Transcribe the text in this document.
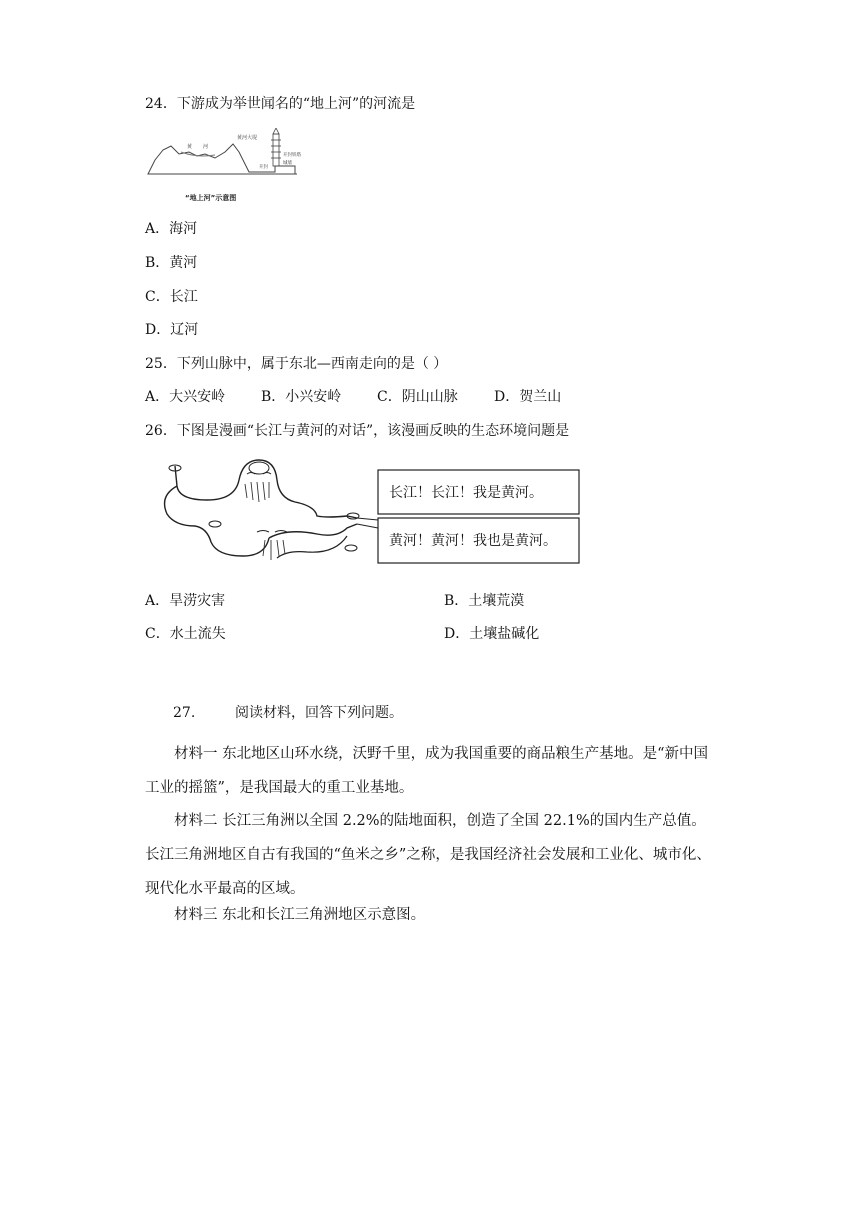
24．下游成为举世闻名的“地上河”的河流是
黄 河
黄河大堤
开封铁塔
开封
城墙
“地上河”示意图
A．海河
B．黄河
C．长江
D．辽河
25．下列山脉中，属于东北—西南走向的是（ ）
A．大兴安岭	B．小兴安岭	C．阴山山脉	D．贺兰山
26．下图是漫画“长江与黄河的对话”，该漫画反映的生态环境问题是
长江！长江！我是黄河。
黄河！黄河！我也是黄河。
A．旱涝灾害	B．土壤荒漠
C．水土流失	D．土壤盐碱化
27.	阅读材料，回答下列问题。
材料一 东北地区山环水绕，沃野千里，成为我国重要的商品粮生产基地。是“新中国工业的摇篮”，是我国最大的重工业基地。
材料二 长江三角洲以全国 2.2%的陆地面积，创造了全国 22.1%的国内生产总值。长江三角洲地区自古有我国的“鱼米之乡”之称，是我国经济社会发展和工业化、城市化、现代化水平最高的区域。
材料三 东北和长江三角洲地区示意图。
